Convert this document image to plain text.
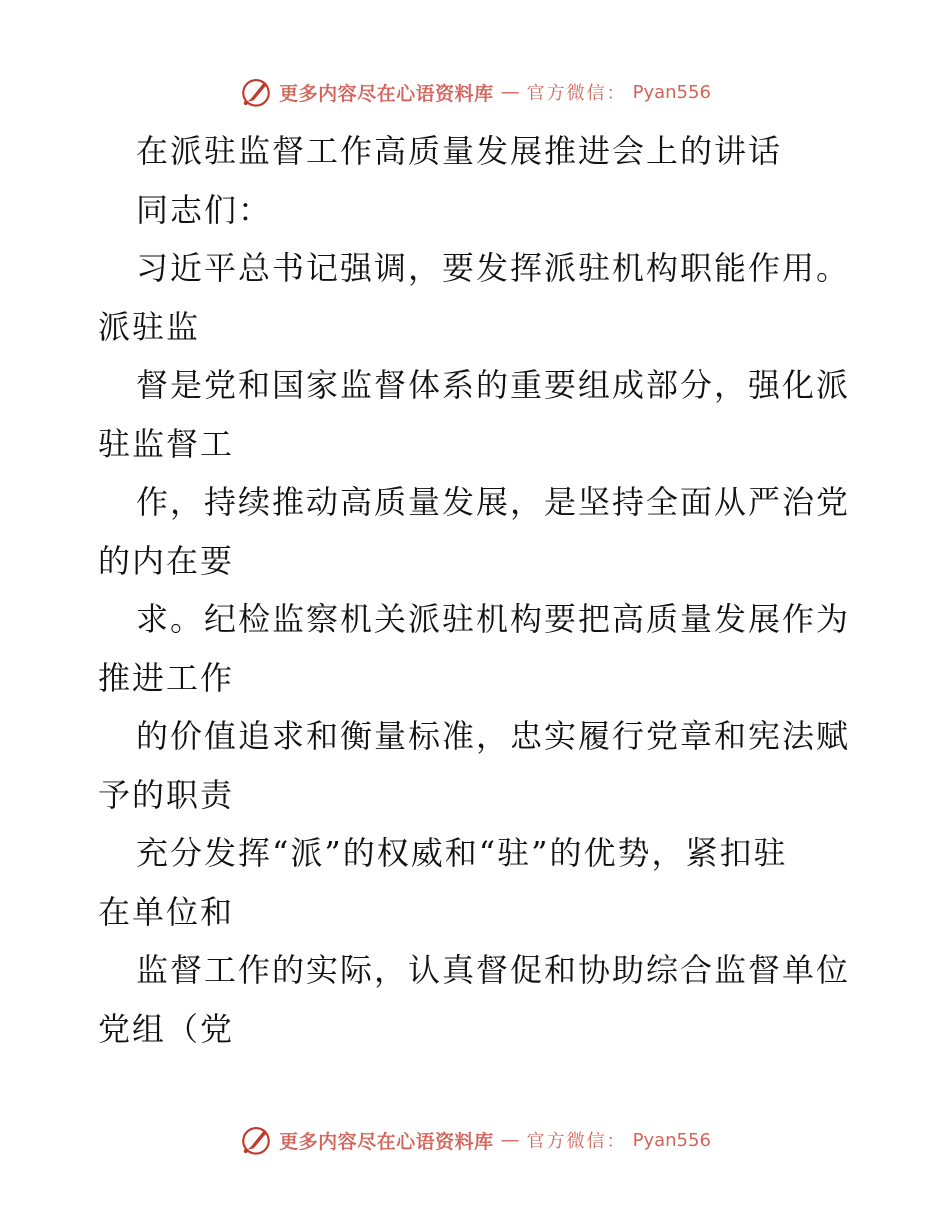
更多内容尽在心语资料库 — 官方微信： Pyan556
在派驻监督工作高质量发展推进会上的讲话
同志们：
习近平总书记强调，要发挥派驻机构职能作用。
派驻监
督是党和国家监督体系的重要组成部分，强化派
驻监督工
作，持续推动高质量发展，是坚持全面从严治党
的内在要
求。纪检监察机关派驻机构要把高质量发展作为
推进工作
的价值追求和衡量标准，忠实履行党章和宪法赋
予的职责
充分发挥“派”的权威和“驻”的优势，紧扣驻
在单位和
监督工作的实际，认真督促和协助综合监督单位
党组（党
更多内容尽在心语资料库 — 官方微信： Pyan556
